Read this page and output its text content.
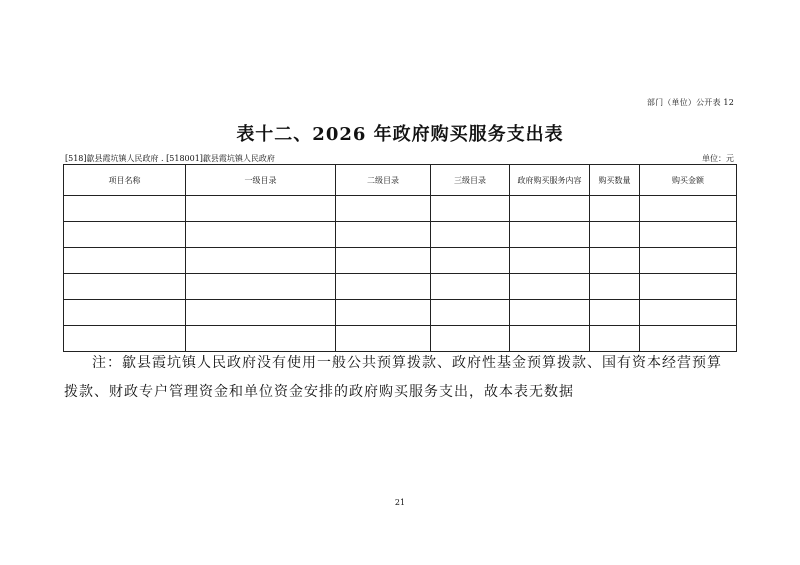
部门（单位）公开表 12
表十二、2026 年政府购买服务支出表
[518]歙县霞坑镇人民政府 . [518001]歙县霞坑镇人民政府	单位：元
项目名称	一级目录	二级目录	三级目录	政府购买服务内容	购买数量	购买金额

注：歙县霞坑镇人民政府没有使用一般公共预算拨款、政府性基金预算拨款、国有资本经营预算拨款、财政专户管理资金和单位资金安排的政府购买服务支出，故本表无数据
21
